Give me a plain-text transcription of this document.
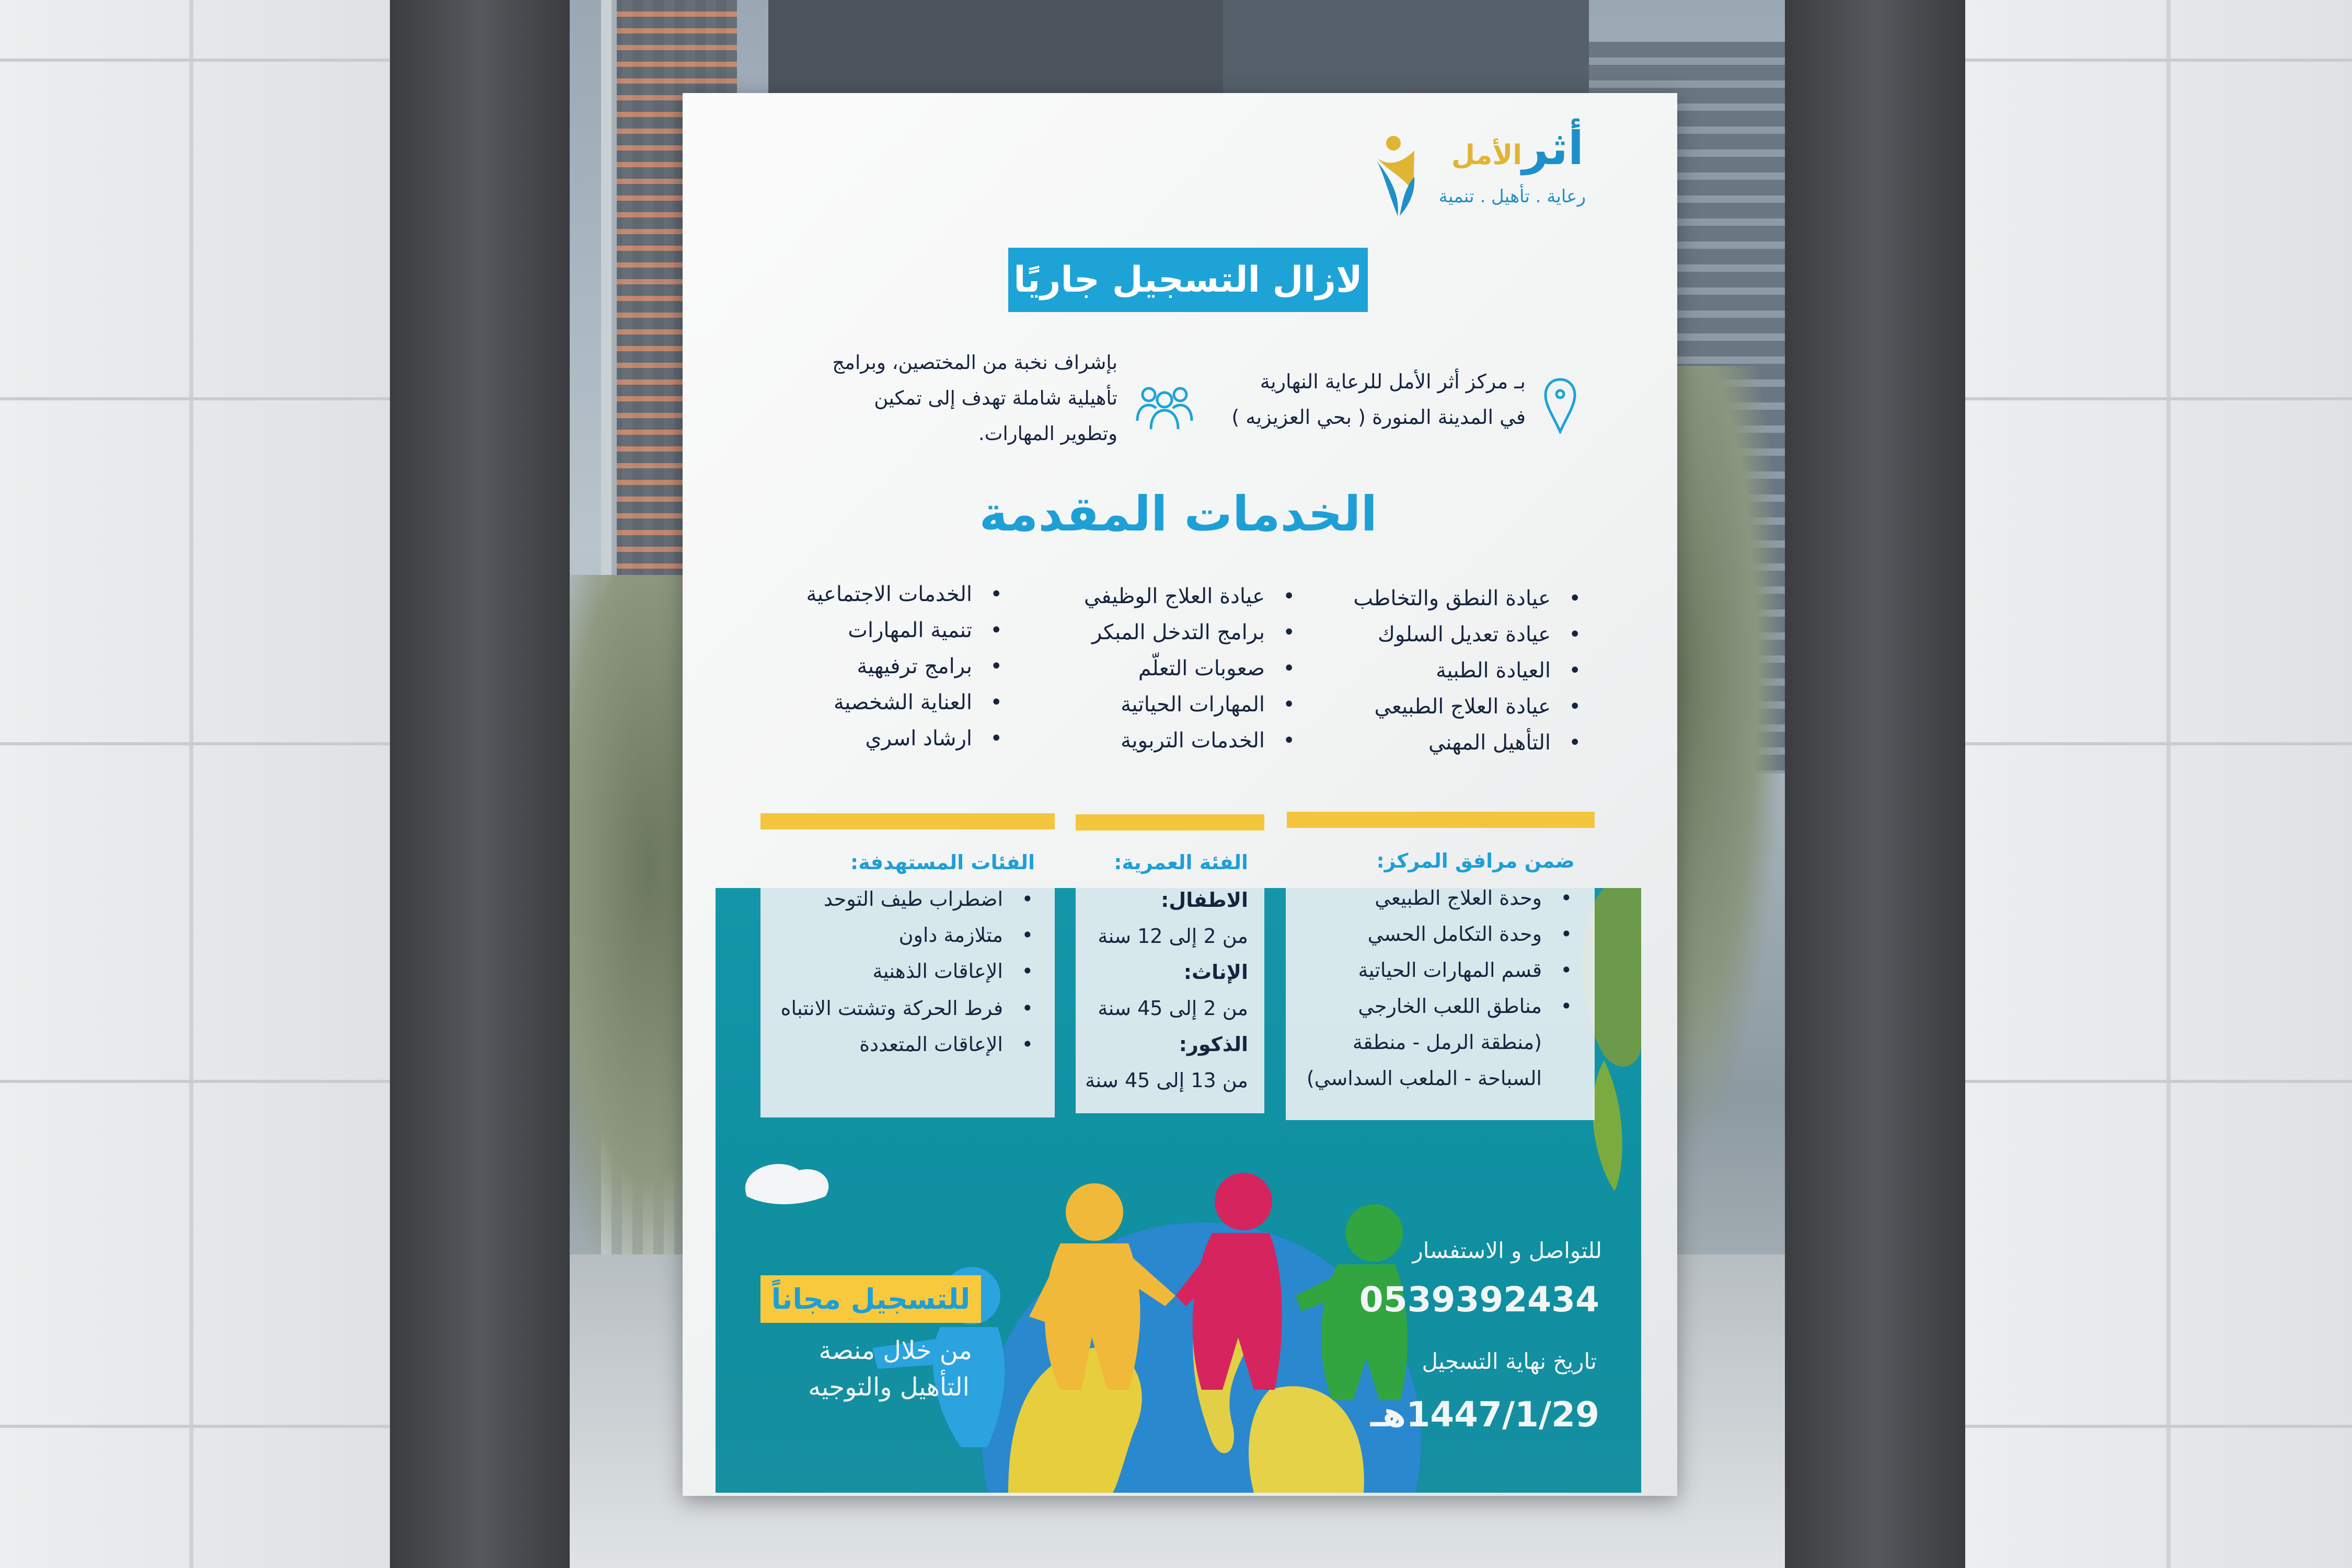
أثرالأمل
رعاية . تأهيل . تنمية
لازال التسجيل جاريًا
بـ مركز أثر الأمل للرعاية النهارية
في المدينة المنورة ( بحي العزيزيه )
بإشراف نخبة من المختصين، وبرامج
تأهيلية شاملة تهدف إلى تمكين
وتطوير المهارات.
الخدمات المقدمة
• عيادة النطق والتخاطب
• عيادة تعديل السلوك
• العيادة الطبية
• عيادة العلاج الطبيعي
• التأهيل المهني
• عيادة العلاج الوظيفي
• برامج التدخل المبكر
• صعوبات التعلّم
• المهارات الحياتية
• الخدمات التربوية
• الخدمات الاجتماعية
• تنمية المهارات
• برامج ترفيهية
• العناية الشخصية
• ارشاد اسري
ضمن مرافق المركز:
الفئة العمرية:
الفئات المستهدفة:
• وحدة العلاج الطبيعي
• وحدة التكامل الحسي
• قسم المهارات الحياتية
• مناطق اللعب الخارجي
(منطقة الرمل - منطقة
السباحة - الملعب السداسي)
الاطفال:
من 2 إلى 12 سنة
الإناث:
من 2 إلى 45 سنة
الذكور:
من 13 إلى 45 سنة
• اضطراب طيف التوحد
• متلازمة داون
• الإعاقات الذهنية
• فرط الحركة وتشتت الانتباه
• الإعاقات المتعددة
للتواصل و الاستفسار
0539392434
تاريخ نهاية التسجيل
1447/1/29هـ
للتسجيل مجاناً
من خلال منصة
التأهيل والتوجيه
